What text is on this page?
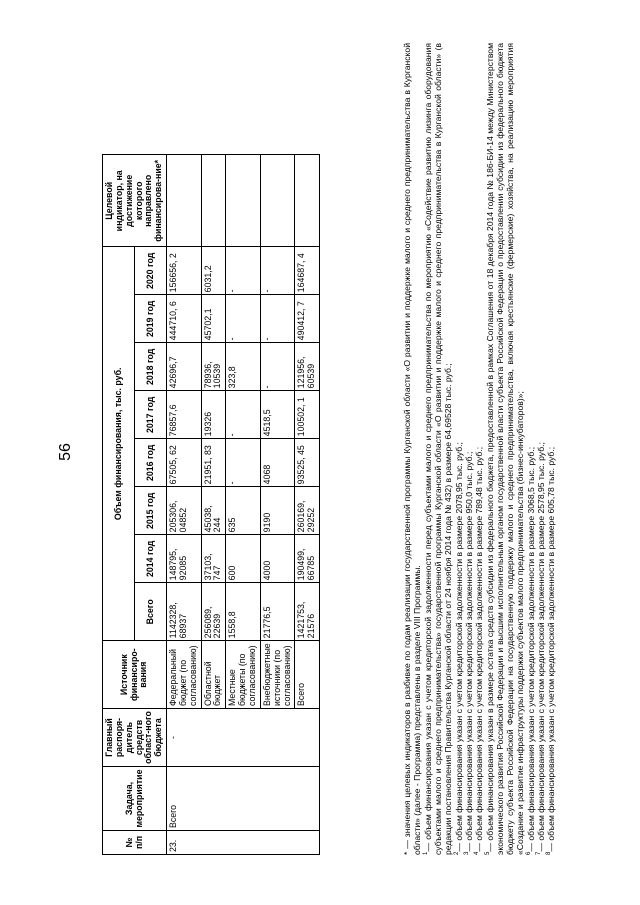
56
№ п/п	Задача, мероприятие	Главный распоря-дитель средств област-ного бюджета	Источник финансиро-вания	Объем финансирования, тыс. руб.								Целевой индикатор, на достижение которого направлено финансирова-ние*
				Всего	2014 год	2015 год	2016 год	2017 год	2018 год	2019 год	2020 год	
23.	Всего	-	Федеральный бюджет (по согласованию)	1142328, 68937	148795, 92085	205306, 04852	67505, 62	76857,6	42696,7	444710, 6	156656, 2	
			Областной бюджет	256089, 22639	37103, 747	45038, 244	21951, 83	19326	78936, 10539	45702,1	6031,2	
			Местные бюджеты (по согласованию)	1558,8	600	635	-	-	323,8	-	-	
			Внебюджетные источники (по согласованию)	21776,5	4000	9190	4068	4518,5	-	-	-	
			Всего	1421753, 21576	190499, 66785	260169, 29252	93525, 45	100502, 1	121956, 60539	490412, 7	164687, 4		* — значения целевых индикаторов в разбивке по годам реализации государственной программы Курганской области «О развитии и поддержке малого и среднего предпринимательства в Курганской области» (далее - Программа) представлены в разделе VIII Программы. $^1$— объем финансирования указан с учетом кредиторской задолженности перед субъектами малого и среднего предпринимательства по мероприятию «Содействие развитию лизинга оборудования субъектами малого и среднего предпринимательства» государственной программы Курганской области «О развитии и поддержке малого и среднего предпринимательства в Курганской области» (в редакции постановления Правительства Курганской области от 24 ноября 2014 года № 432) в размере 64,69528 тыс. руб.; $^2$— объем финансирования указан с учетом кредиторской задолженности в размере 2078,95 тыс. руб.;

$^3$— объем финансирования указан с учетом кредиторской задолженности в размере 950,0 тыс. руб.;

$^4$— объем финансирования указан с учетом кредиторской задолженности в размере 789,48 тыс. руб.;

$^5$— объем финансирования указан в размере остатка средств субсидии из федерального бюджета, предоставленной в рамках Соглашения от 18 декабря 2014 года № 186-БИ-14 между Министерством экономического развития Российской Федерации и высшим исполнительным органом государственной власти субъекта Российской Федерации о предоставлении субсидии из федерального бюджета бюджету субъекта Российской Федерации на государственную поддержку малого и среднего предпринимательства, включая крестьянские (фермерские) хозяйства, на реализацию мероприятия «Создание и развитие инфраструктуры поддержки субъектов малого предпринимательства (бизнес-инкубаторов)»; $^6$— объем финансирования указан с учетом кредиторской задолженности в размере 3068,5 тыс. руб.;

$^7$— объем финансирования указан с учетом кредиторской задолженности в размере 2578,95 тыс. руб.;

$^8$— объем финансирования указан с учетом кредиторской задолженности в размере 605,78 тыс. руб.;
